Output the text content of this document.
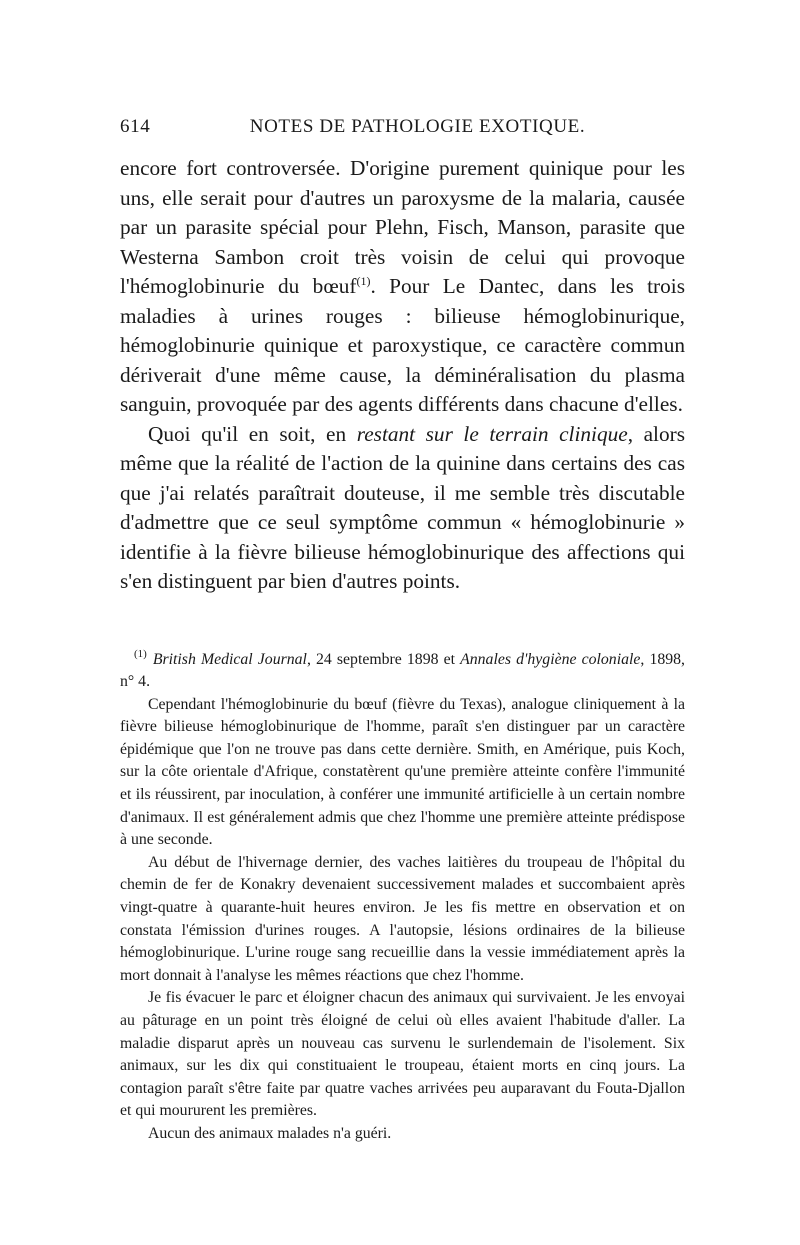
614	NOTES DE PATHOLOGIE EXOTIQUE.

encore fort controversée. D'origine purement quinique pour les uns, elle serait pour d'autres un paroxysme de la malaria, causée par un parasite spécial pour Plehn, Fisch, Manson, parasite que Westerna Sambon croit très voisin de celui qui provoque l'hémoglobinurie du bœuf$^{(1)}$. Pour Le Dantec, dans les trois maladies à urines rouges : bilieuse hémoglobinurique, hémoglobinurie quinique et paroxystique, ce caractère commun dériverait d'une même cause, la déminéralisation du plasma sanguin, provoquée par des agents différents dans chacune d'elles.

Quoi qu'il en soit, en restant sur le terrain clinique, alors même que la réalité de l'action de la quinine dans certains des cas que j'ai relatés paraîtrait douteuse, il me semble très discutable d'admettre que ce seul symptôme commun « hémoglobinurie » identifie à la fièvre bilieuse hémoglobinurique des affections qui s'en distinguent par bien d'autres points.

$^{(1)}$ British Medical Journal, 24 septembre 1898 et Annales d'hygiène coloniale, 1898, n° 4.

Cependant l'hémoglobinurie du bœuf (fièvre du Texas), analogue cliniquement à la fièvre bilieuse hémoglobinurique de l'homme, paraît s'en distinguer par un caractère épidémique que l'on ne trouve pas dans cette dernière. Smith, en Amérique, puis Koch, sur la côte orientale d'Afrique, constatèrent qu'une première atteinte confère l'immunité et ils réussirent, par inoculation, à conférer une immunité artificielle à un certain nombre d'animaux. Il est généralement admis que chez l'homme une première atteinte prédispose à une seconde.

Au début de l'hivernage dernier, des vaches laitières du troupeau de l'hôpital du chemin de fer de Konakry devenaient successivement malades et succombaient après vingt-quatre à quarante-huit heures environ. Je les fis mettre en observation et on constata l'émission d'urines rouges. A l'autopsie, lésions ordinaires de la bilieuse hémoglobinurique. L'urine rouge sang recueillie dans la vessie immédiatement après la mort donnait à l'analyse les mêmes réactions que chez l'homme.

Je fis évacuer le parc et éloigner chacun des animaux qui survivaient. Je les envoyai au pâturage en un point très éloigné de celui où elles avaient l'habitude d'aller. La maladie disparut après un nouveau cas survenu le surlendemain de l'isolement. Six animaux, sur les dix qui constituaient le troupeau, étaient morts en cinq jours. La contagion paraît s'être faite par quatre vaches arrivées peu auparavant du Fouta-Djallon et qui moururent les premières.

Aucun des animaux malades n'a guéri.
